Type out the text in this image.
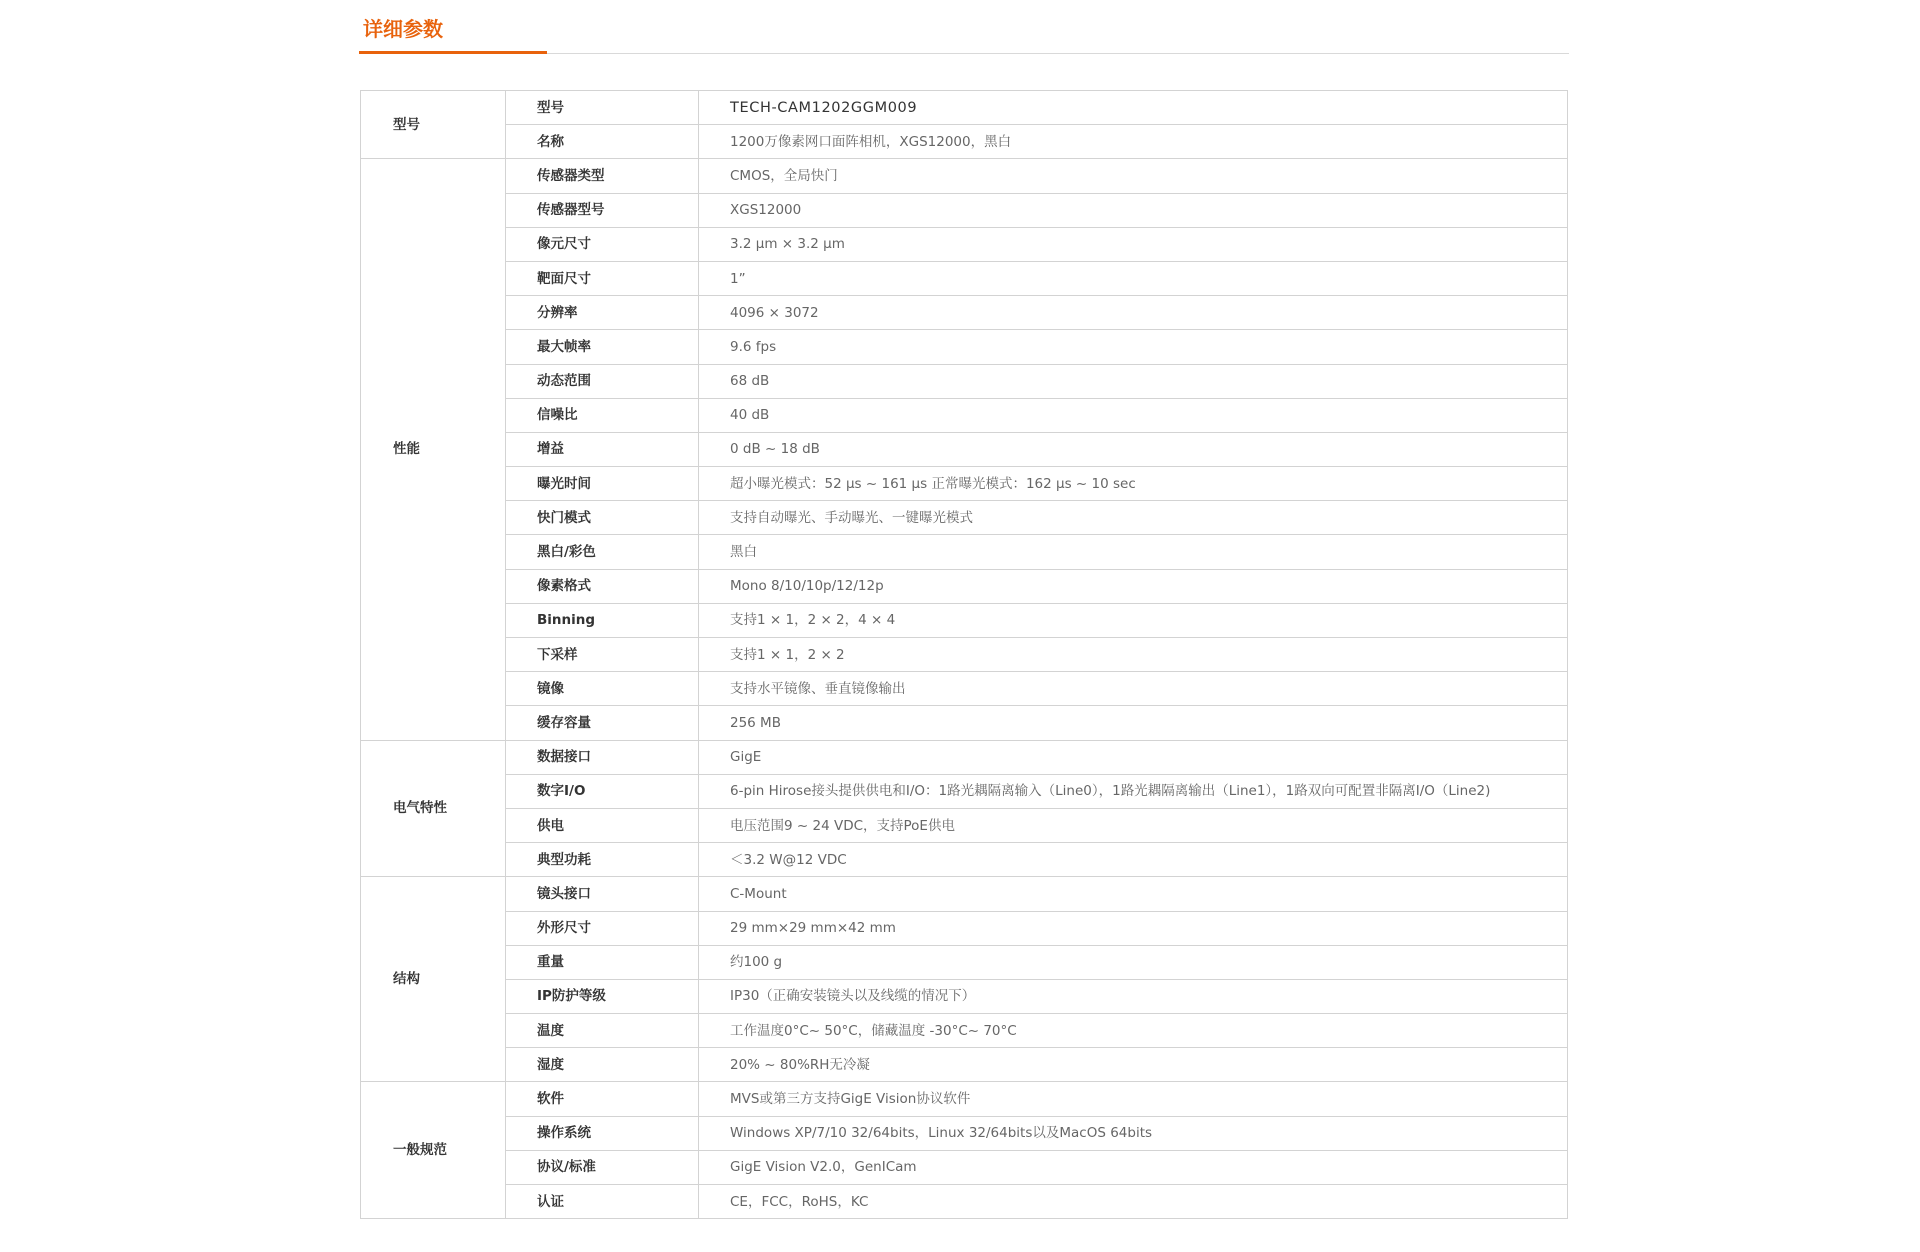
详细参数
型号	型号	TECH-CAM1202GGM009
	名称	1200万像素网口面阵相机，XGS12000，黑白
性能	传感器类型	CMOS，全局快门
	传感器型号	XGS12000
	像元尺寸	3.2 μm × 3.2 μm
	靶面尺寸	1”
	分辨率	4096 × 3072
	最大帧率	9.6 fps
	动态范围	68 dB
	信噪比	40 dB
	增益	0 dB ~ 18 dB
	曝光时间	超小曝光模式：52 μs ~ 161 μs 正常曝光模式：162 μs ~ 10 sec
	快门模式	支持自动曝光、手动曝光、一键曝光模式
	黑白/彩色	黑白
	像素格式	Mono 8/10/10p/12/12p
	Binning	支持1 × 1，2 × 2，4 × 4
	下采样	支持1 × 1，2 × 2
	镜像	支持水平镜像、垂直镜像输出
	缓存容量	256 MB
电气特性	数据接口	GigE
	数字I/O	6-pin Hirose接头提供供电和I/O：1路光耦隔离输入（Line0），1路光耦隔离输出（Line1），1路双向可配置非隔离I/O（Line2)
	供电	电压范围9 ~ 24 VDC，支持PoE供电
	典型功耗	＜3.2 W@12 VDC
结构	镜头接口	C-Mount
	外形尺寸	29 mm×29 mm×42 mm
	重量	约100 g
	IP防护等级	IP30（正确安装镜头以及线缆的情况下）
	温度	工作温度0°C~ 50°C，储藏温度 -30°C~ 70°C
	湿度	20% ~ 80%RH无冷凝
一般规范	软件	MVS或第三方支持GigE Vision协议软件
	操作系统	Windows XP/7/10 32/64bits，Linux 32/64bits以及MacOS 64bits
	协议/标准	GigE Vision V2.0，GenICam
	认证	CE，FCC，RoHS，KC
